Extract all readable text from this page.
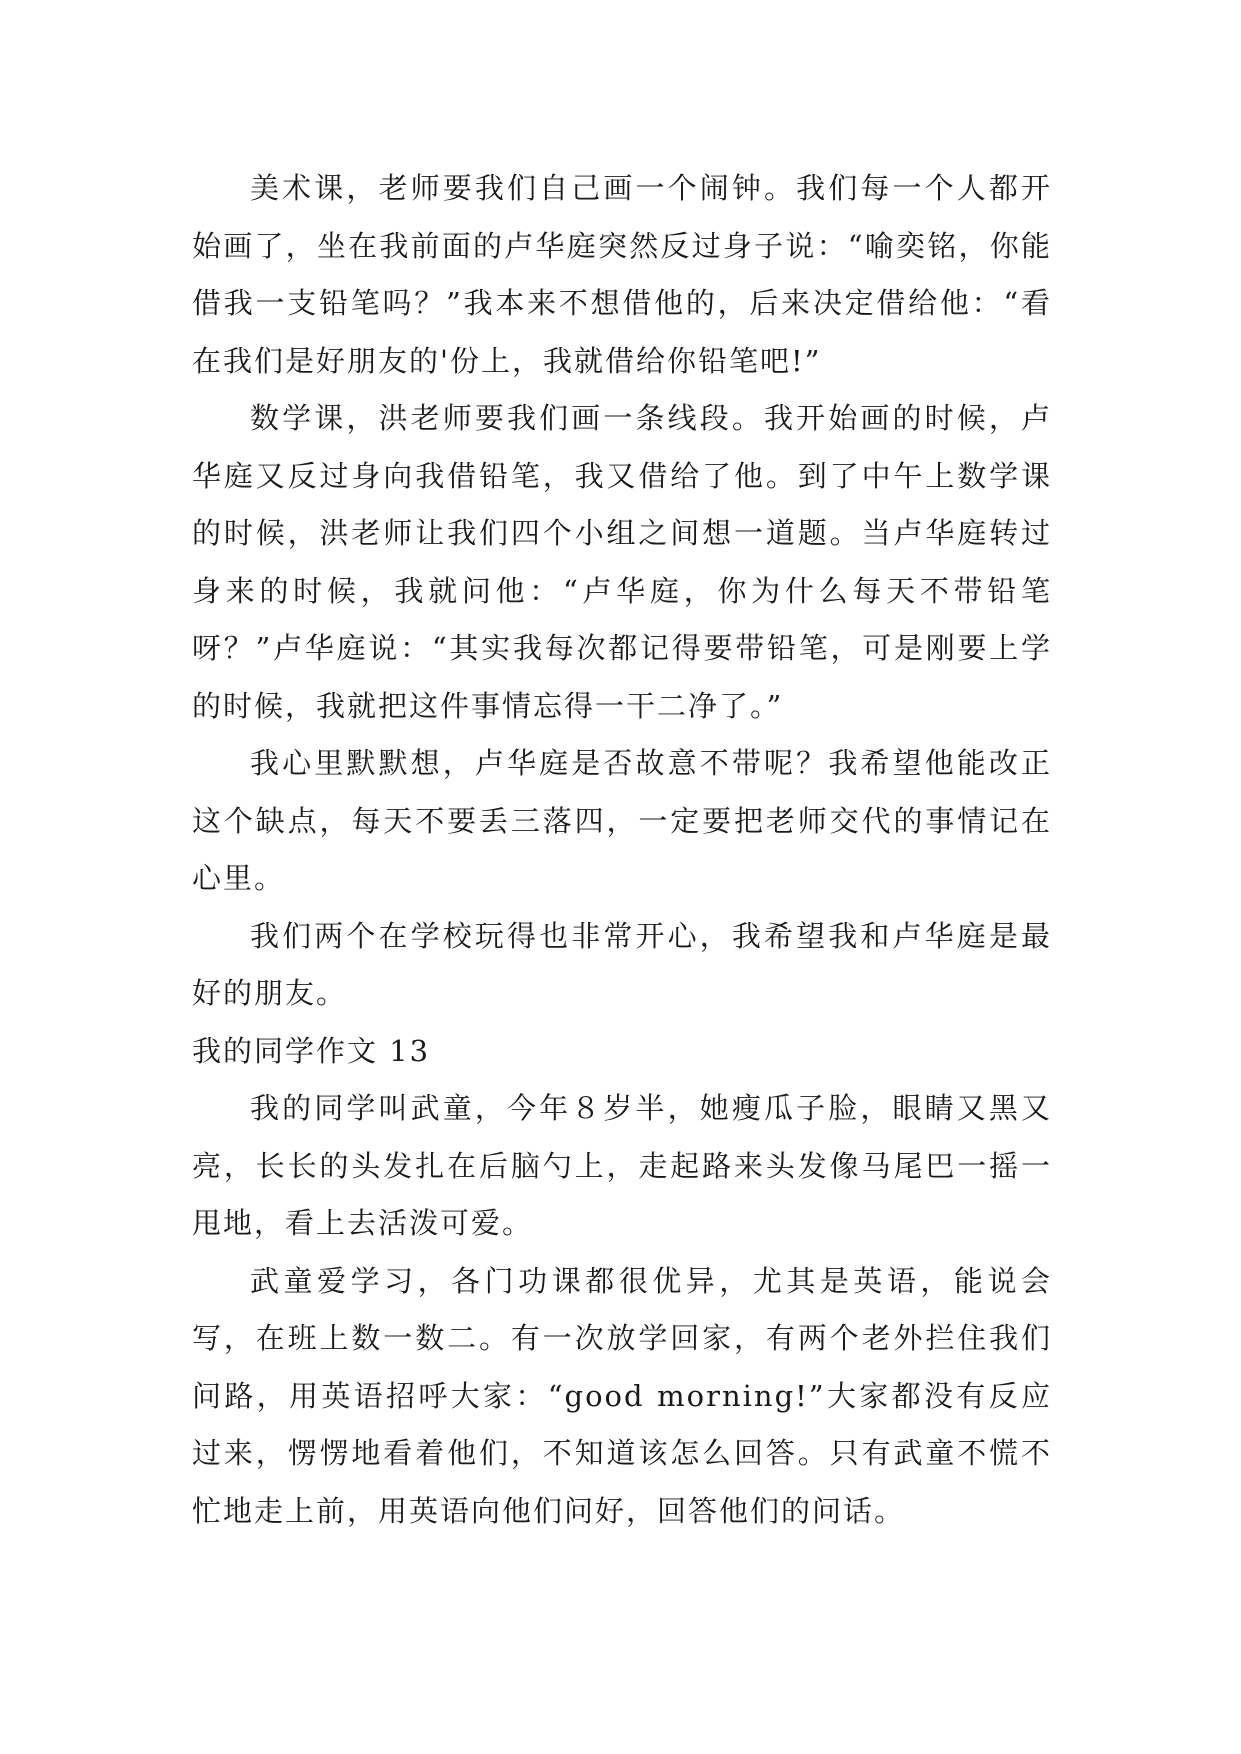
美术课，老师要我们自己画一个闹钟。我们每一个人都开始画了，坐在我前面的卢华庭突然反过身子说：“喻奕铭，你能借我一支铅笔吗？”我本来不想借他的，后来决定借给他：“看在我们是好朋友的'份上，我就借给你铅笔吧!”

数学课，洪老师要我们画一条线段。我开始画的时候，卢华庭又反过身向我借铅笔，我又借给了他。到了中午上数学课的时候，洪老师让我们四个小组之间想一道题。当卢华庭转过身来的时候，我就问他：“卢华庭，你为什么每天不带铅笔呀？”卢华庭说：“其实我每次都记得要带铅笔，可是刚要上学的时候，我就把这件事情忘得一干二净了。”

我心里默默想，卢华庭是否故意不带呢？我希望他能改正这个缺点，每天不要丢三落四，一定要把老师交代的事情记在心里。

我们两个在学校玩得也非常开心，我希望我和卢华庭是最好的朋友。

我的同学作文 13

我的同学叫武童，今年８岁半，她瘦瓜子脸，眼睛又黑又亮，长长的头发扎在后脑勺上，走起路来头发像马尾巴一摇一甩地，看上去活泼可爱。

武童爱学习，各门功课都很优异，尤其是英语，能说会写，在班上数一数二。有一次放学回家，有两个老外拦住我们问路，用英语招呼大家：“good morning!”大家都没有反应过来，愣愣地看着他们，不知道该怎么回答。只有武童不慌不忙地走上前，用英语向他们问好，回答他们的问话。
